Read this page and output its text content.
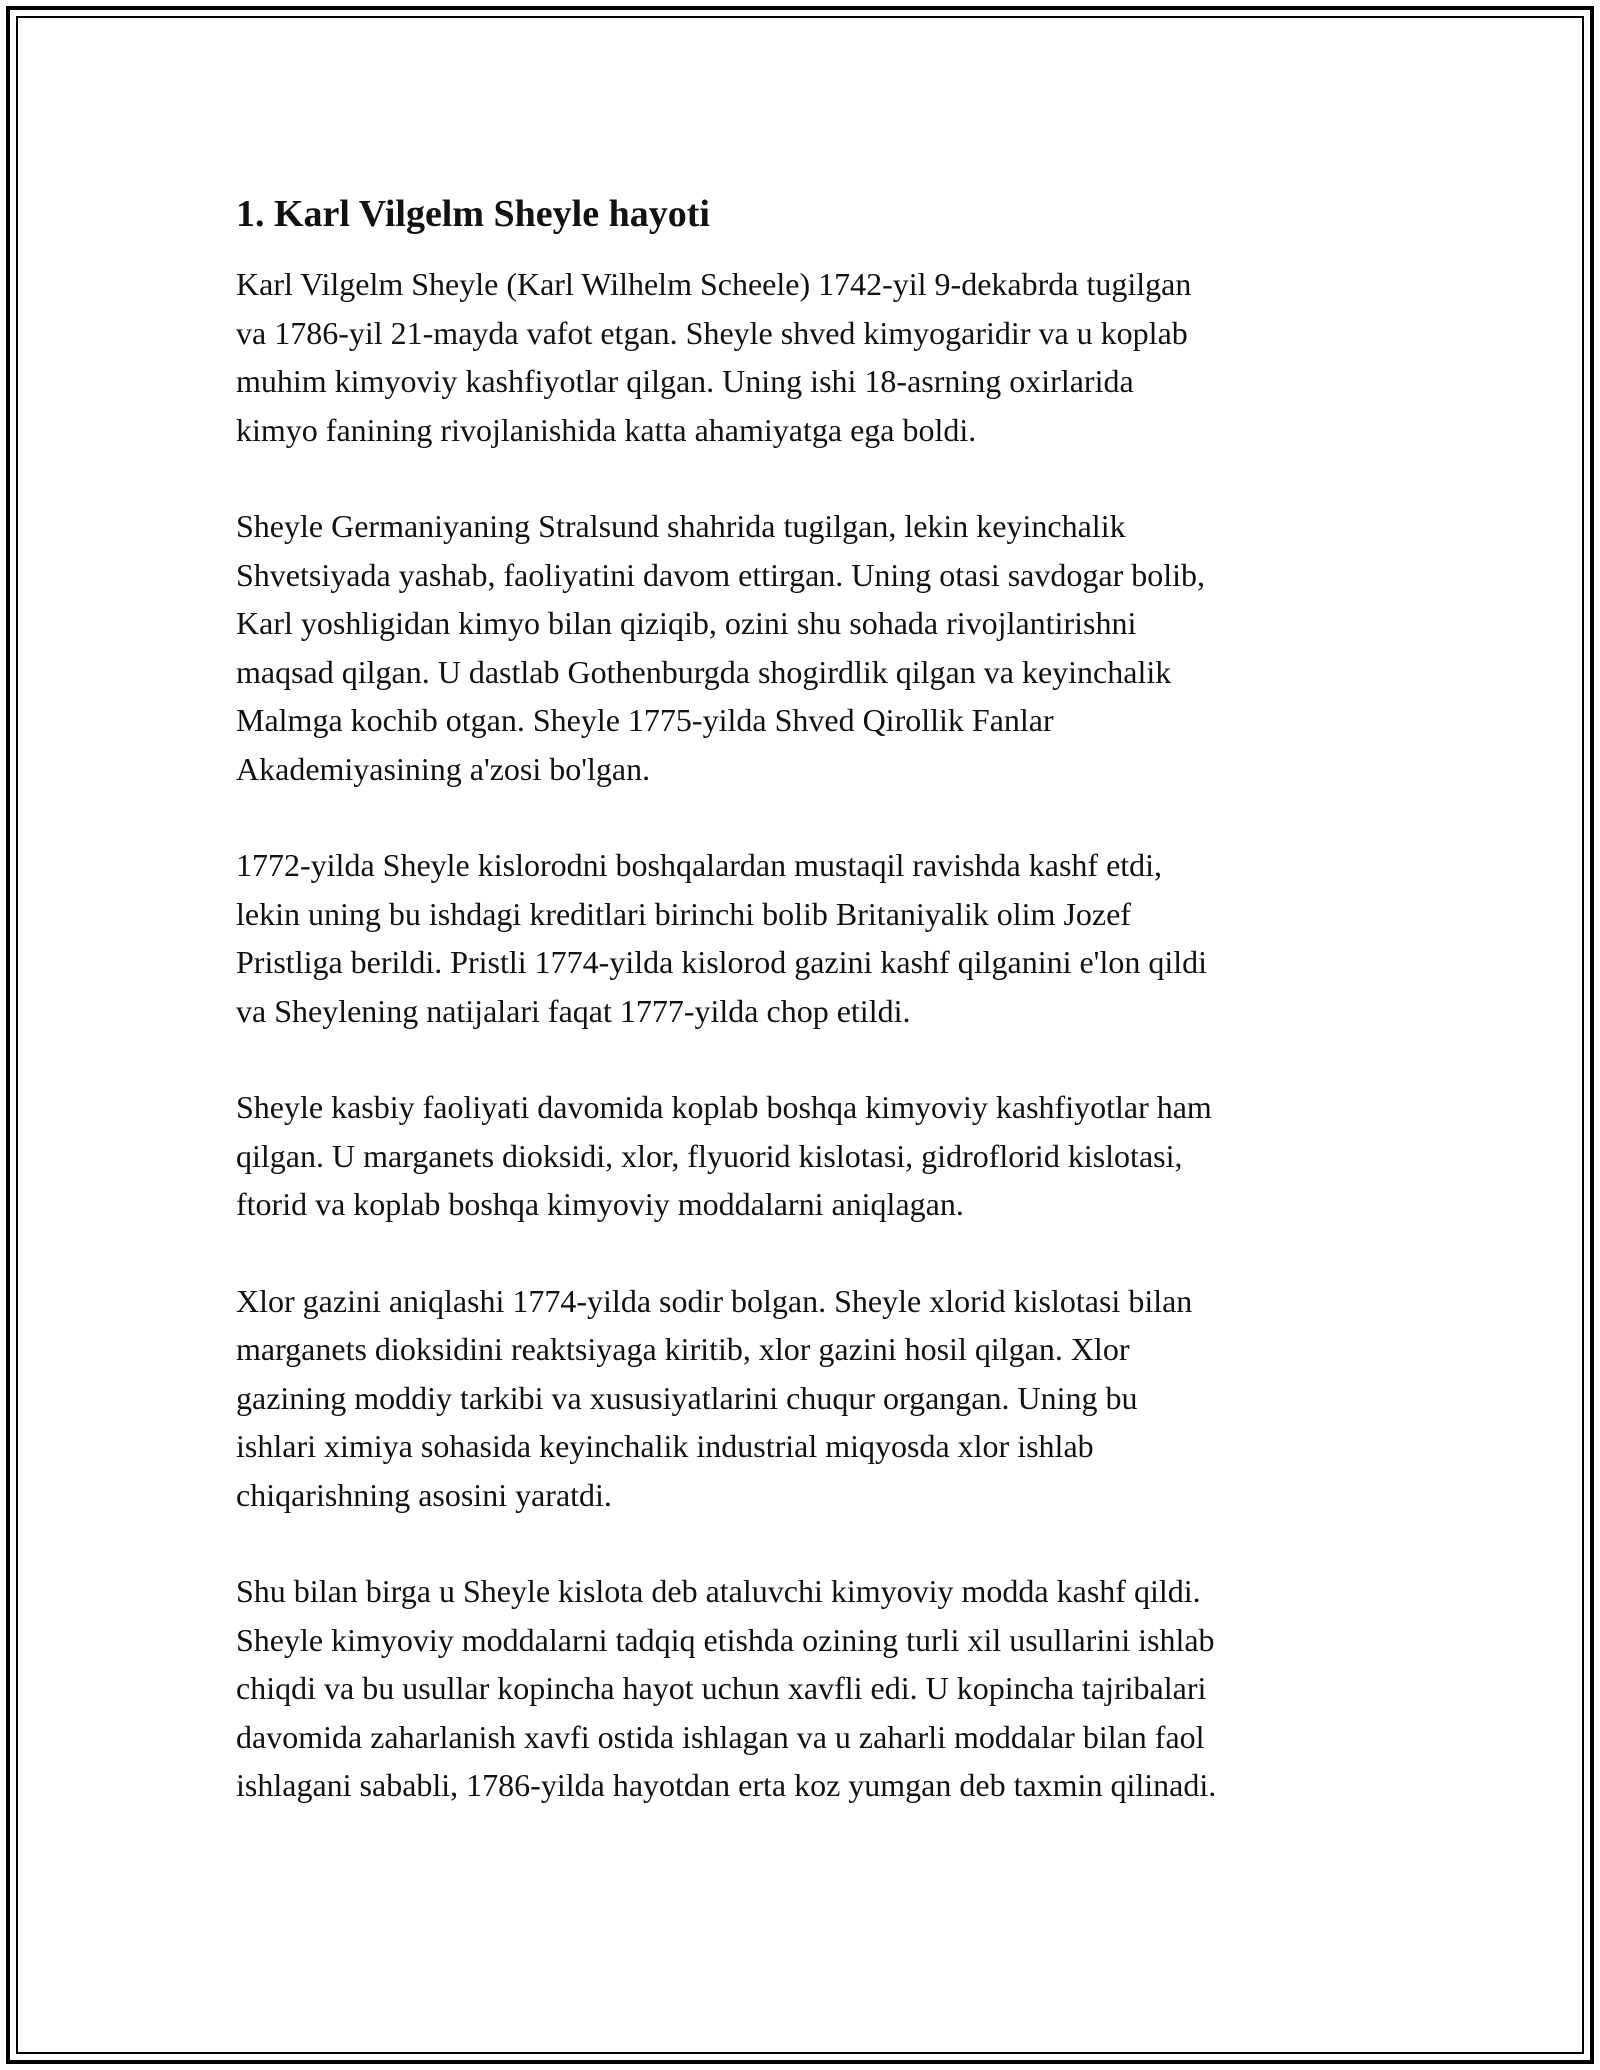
1. Karl Vilgelm Sheyle hayoti

Karl Vilgelm Sheyle (Karl Wilhelm Scheele) 1742-yil 9-dekabrda tugilgan
va 1786-yil 21-mayda vafot etgan. Sheyle shved kimyogaridir va u koplab
muhim kimyoviy kashfiyotlar qilgan. Uning ishi 18-asrning oxirlarida
kimyo fanining rivojlanishida katta ahamiyatga ega boldi.

Sheyle Germaniyaning Stralsund shahrida tugilgan, lekin keyinchalik
Shvetsiyada yashab, faoliyatini davom ettirgan. Uning otasi savdogar bolib,
Karl yoshligidan kimyo bilan qiziqib, ozini shu sohada rivojlantirishni
maqsad qilgan. U dastlab Gothenburgda shogirdlik qilgan va keyinchalik
Malmga kochib otgan. Sheyle 1775-yilda Shved Qirollik Fanlar
Akademiyasining a'zosi bo'lgan.

1772-yilda Sheyle kislorodni boshqalardan mustaqil ravishda kashf etdi,
lekin uning bu ishdagi kreditlari birinchi bolib Britaniyalik olim Jozef
Pristliga berildi. Pristli 1774-yilda kislorod gazini kashf qilganini e'lon qildi
va Sheylening natijalari faqat 1777-yilda chop etildi.

Sheyle kasbiy faoliyati davomida koplab boshqa kimyoviy kashfiyotlar ham
qilgan. U marganets dioksidi, xlor, flyuorid kislotasi, gidroflorid kislotasi,
ftorid va koplab boshqa kimyoviy moddalarni aniqlagan.

Xlor gazini aniqlashi 1774-yilda sodir bolgan. Sheyle xlorid kislotasi bilan
marganets dioksidini reaktsiyaga kiritib, xlor gazini hosil qilgan. Xlor
gazining moddiy tarkibi va xususiyatlarini chuqur organgan. Uning bu
ishlari ximiya sohasida keyinchalik industrial miqyosda xlor ishlab
chiqarishning asosini yaratdi.

Shu bilan birga u Sheyle kislota deb ataluvchi kimyoviy modda kashf qildi.
Sheyle kimyoviy moddalarni tadqiq etishda ozining turli xil usullarini ishlab
chiqdi va bu usullar kopincha hayot uchun xavfli edi. U kopincha tajribalari
davomida zaharlanish xavfi ostida ishlagan va u zaharli moddalar bilan faol
ishlagani sababli, 1786-yilda hayotdan erta koz yumgan deb taxmin qilinadi.
